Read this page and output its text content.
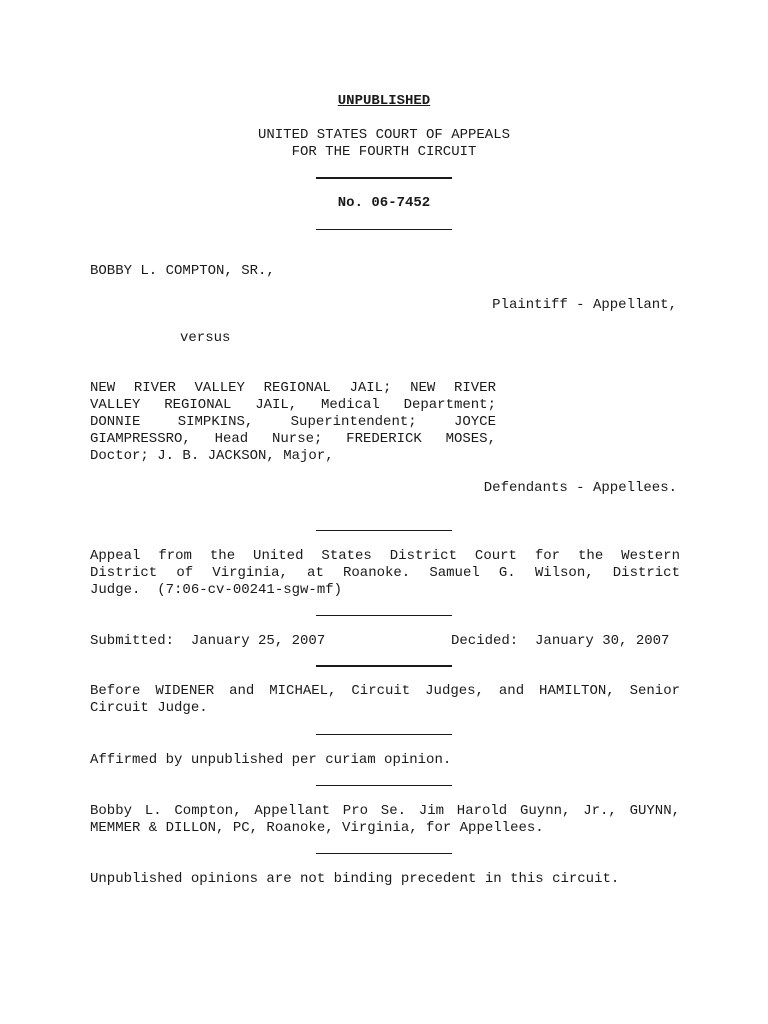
UNPUBLISHED
UNITED STATES COURT OF APPEALS
FOR THE FOURTH CIRCUIT
No. 06-7452
BOBBY L. COMPTON, SR.,
Plaintiff - Appellant,
versus
NEW RIVER VALLEY REGIONAL JAIL; NEW RIVER
VALLEY REGIONAL JAIL, Medical Department;
DONNIE SIMPKINS, Superintendent; JOYCE
GIAMPRESSRO, Head Nurse; FREDERICK MOSES,
Doctor; J. B. JACKSON, Major,
Defendants - Appellees.
Appeal from the United States District Court for the Western
District of Virginia, at Roanoke. Samuel G. Wilson, District
Judge.  (7:06-cv-00241-sgw-mf)
Submitted:  January 25, 2007	Decided:  January 30, 2007
Before WIDENER and MICHAEL, Circuit Judges, and HAMILTON, Senior
Circuit Judge.
Affirmed by unpublished per curiam opinion.
Bobby L. Compton, Appellant Pro Se. Jim Harold Guynn, Jr., GUYNN,
MEMMER & DILLON, PC, Roanoke, Virginia, for Appellees.
Unpublished opinions are not binding precedent in this circuit.
